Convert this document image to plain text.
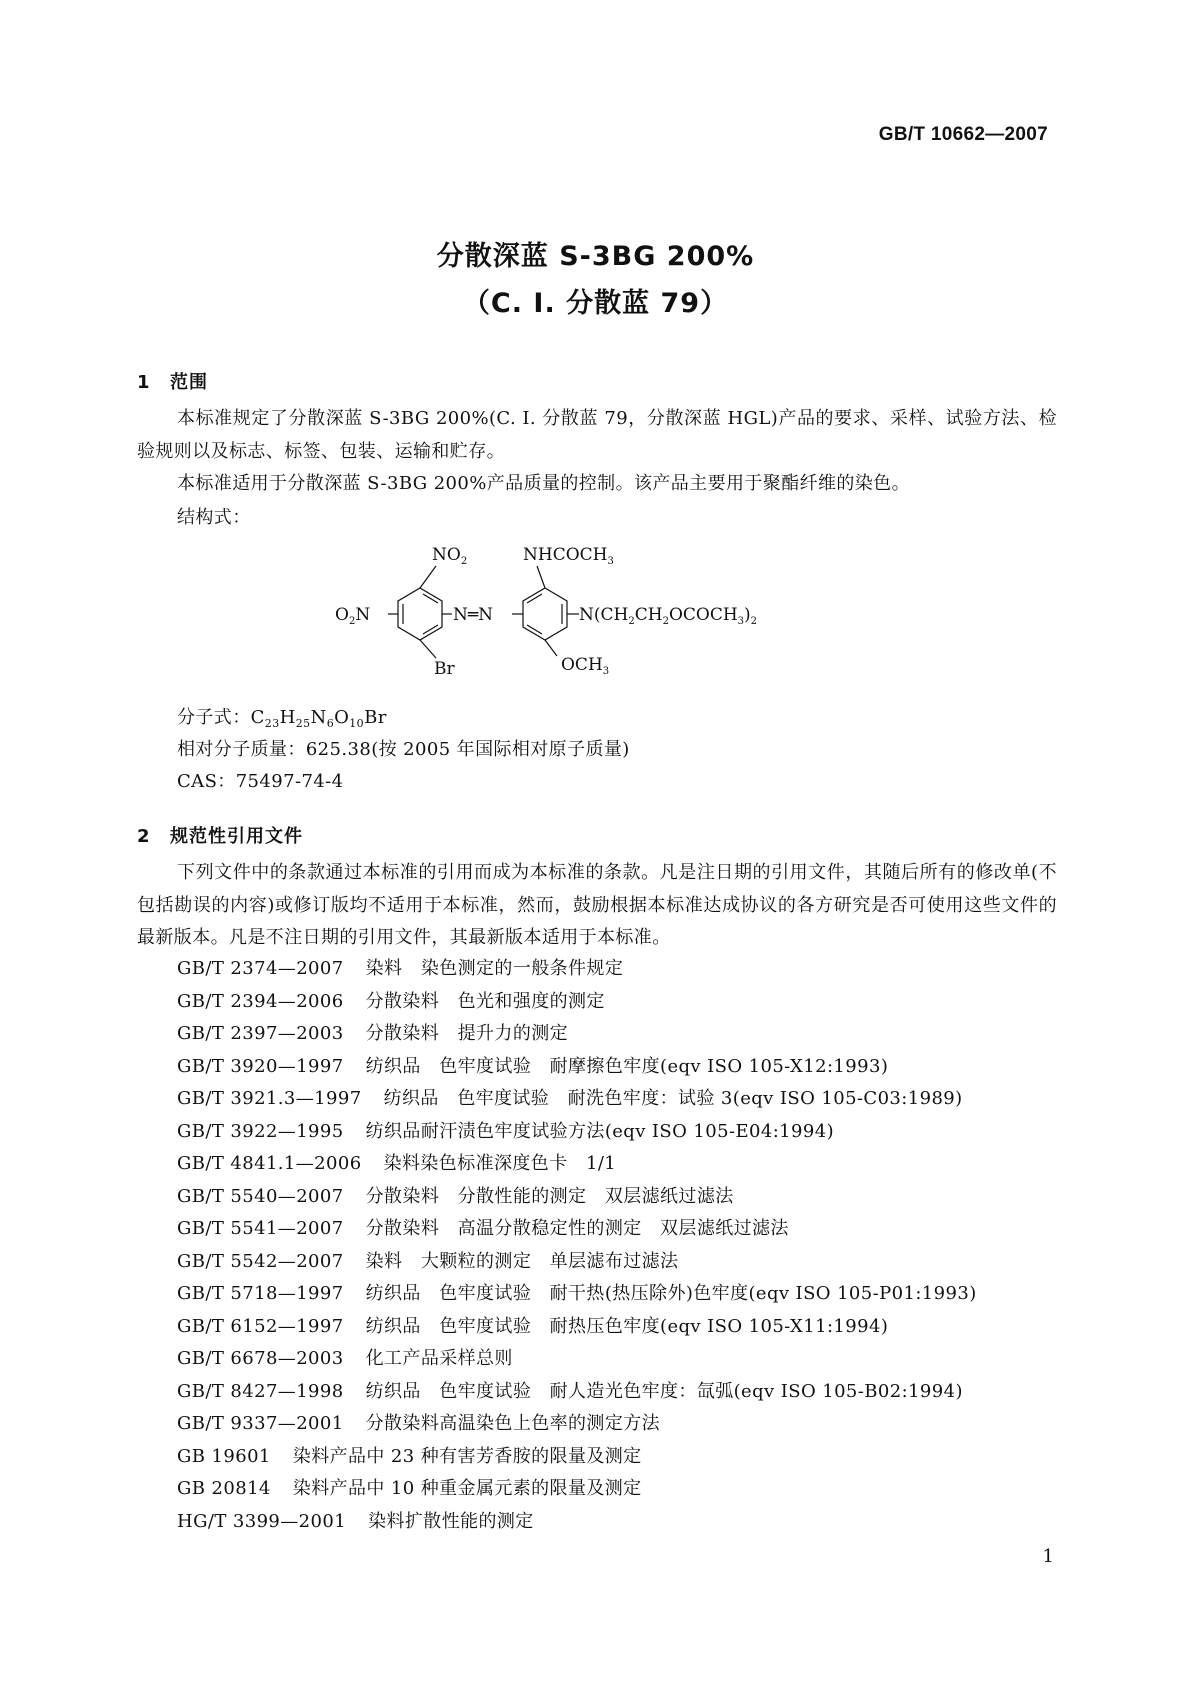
GB/T 10662—2007
分散深蓝 S-3BG 200%
（C. I. 分散蓝 79）
1 范围
本标准规定了分散深蓝 S-3BG 200%(C. I. 分散蓝 79，分散深蓝 HGL)产品的要求、采样、试验方法、检验规则以及标志、标签、包装、运输和贮存。
本标准适用于分散深蓝 S-3BG 200%产品质量的控制。该产品主要用于聚酯纤维的染色。
结构式：
$NO_2$
$O_2N$	N═N
Br
$NHCOCH_3$
$N(CH_2CH_2OCOCH_3)_2$
$OCH_3$
分子式：$C_{23}H_{25}N_6O_{10}Br$
相对分子质量：625.38(按 2005 年国际相对原子质量)
CAS：75497-74-4
2 规范性引用文件
下列文件中的条款通过本标准的引用而成为本标准的条款。凡是注日期的引用文件，其随后所有的修改单(不包括勘误的内容)或修订版均不适用于本标准，然而，鼓励根据本标准达成协议的各方研究是否可使用这些文件的最新版本。凡是不注日期的引用文件，其最新版本适用于本标准。
GB/T 2374—2007 染料　染色测定的一般条件规定
GB/T 2394—2006 分散染料　色光和强度的测定
GB/T 2397—2003 分散染料　提升力的测定
GB/T 3920—1997 纺织品　色牢度试验　耐摩擦色牢度(eqv ISO 105-X12:1993)
GB/T 3921.3—1997 纺织品　色牢度试验　耐洗色牢度：试验 3(eqv ISO 105-C03:1989)
GB/T 3922—1995 纺织品耐汗渍色牢度试验方法(eqv ISO 105-E04:1994)
GB/T 4841.1—2006 染料染色标准深度色卡　1/1
GB/T 5540—2007 分散染料　分散性能的测定　双层滤纸过滤法
GB/T 5541—2007 分散染料　高温分散稳定性的测定　双层滤纸过滤法
GB/T 5542—2007 染料　大颗粒的测定　单层滤布过滤法
GB/T 5718—1997 纺织品　色牢度试验　耐干热(热压除外)色牢度(eqv ISO 105-P01:1993)
GB/T 6152—1997 纺织品　色牢度试验　耐热压色牢度(eqv ISO 105-X11:1994)
GB/T 6678—2003 化工产品采样总则
GB/T 8427—1998 纺织品　色牢度试验　耐人造光色牢度：氙弧(eqv ISO 105-B02:1994)
GB/T 9337—2001 分散染料高温染色上色率的测定方法
GB 19601 染料产品中 23 种有害芳香胺的限量及测定
GB 20814 染料产品中 10 种重金属元素的限量及测定
HG/T 3399—2001 染料扩散性能的测定
1
